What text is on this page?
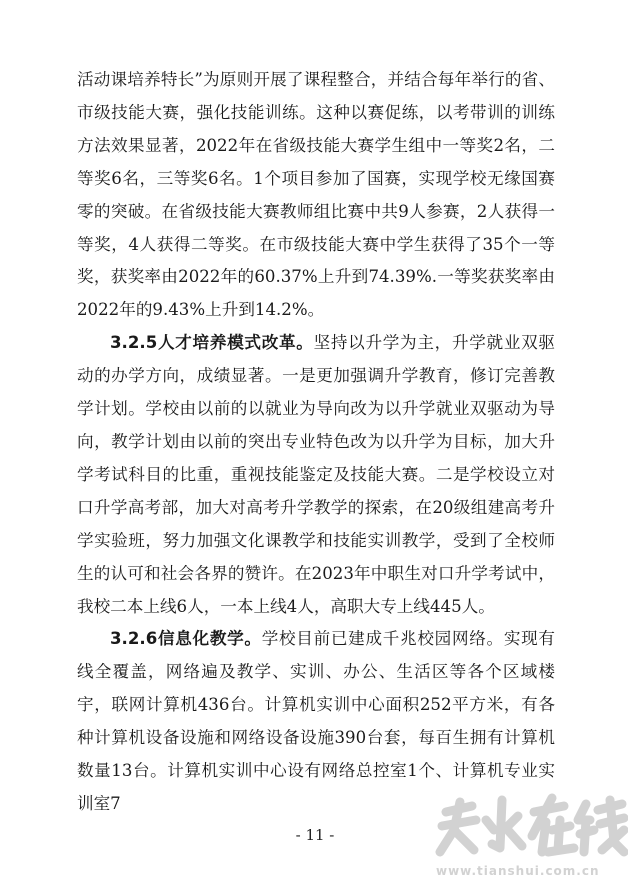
活动课培养特长”为原则开展了课程整合，并结合每年举行的省、市级技能大赛，强化技能训练。这种以赛促练，以考带训的训练方法效果显著，2022年在省级技能大赛学生组中一等奖2名，二等奖6名，三等奖6名。1个项目参加了国赛，实现学校无缘国赛零的突破。在省级技能大赛教师组比赛中共9人参赛，2人获得一等奖，4人获得二等奖。在市级技能大赛中学生获得了35个一等奖，获奖率由2022年的60.37%上升到74.39%.一等奖获奖率由2022年的9.43%上升到14.2%。

3.2.5人才培养模式改革。坚持以升学为主，升学就业双驱动的办学方向，成绩显著。一是更加强调升学教育，修订完善教学计划。学校由以前的以就业为导向改为以升学就业双驱动为导向，教学计划由以前的突出专业特色改为以升学为目标，加大升学考试科目的比重，重视技能鉴定及技能大赛。二是学校设立对口升学高考部，加大对高考升学教学的探索，在20级组建高考升学实验班，努力加强文化课教学和技能实训教学，受到了全校师生的认可和社会各界的赞许。在2023年中职生对口升学考试中，我校二本上线6人，一本上线4人，高职大专上线445人。

3.2.6信息化教学。学校目前已建成千兆校园网络。实现有线全覆盖，网络遍及教学、实训、办公、生活区等各个区域楼宇，联网计算机436台。计算机实训中心面积252平方米，有各种计算机设备设施和网络设备设施390台套，每百生拥有计算机数量13台。计算机实训中心设有网络总控室1个、计算机专业实训室7

- 11 -
www.tianshui.com.cn
